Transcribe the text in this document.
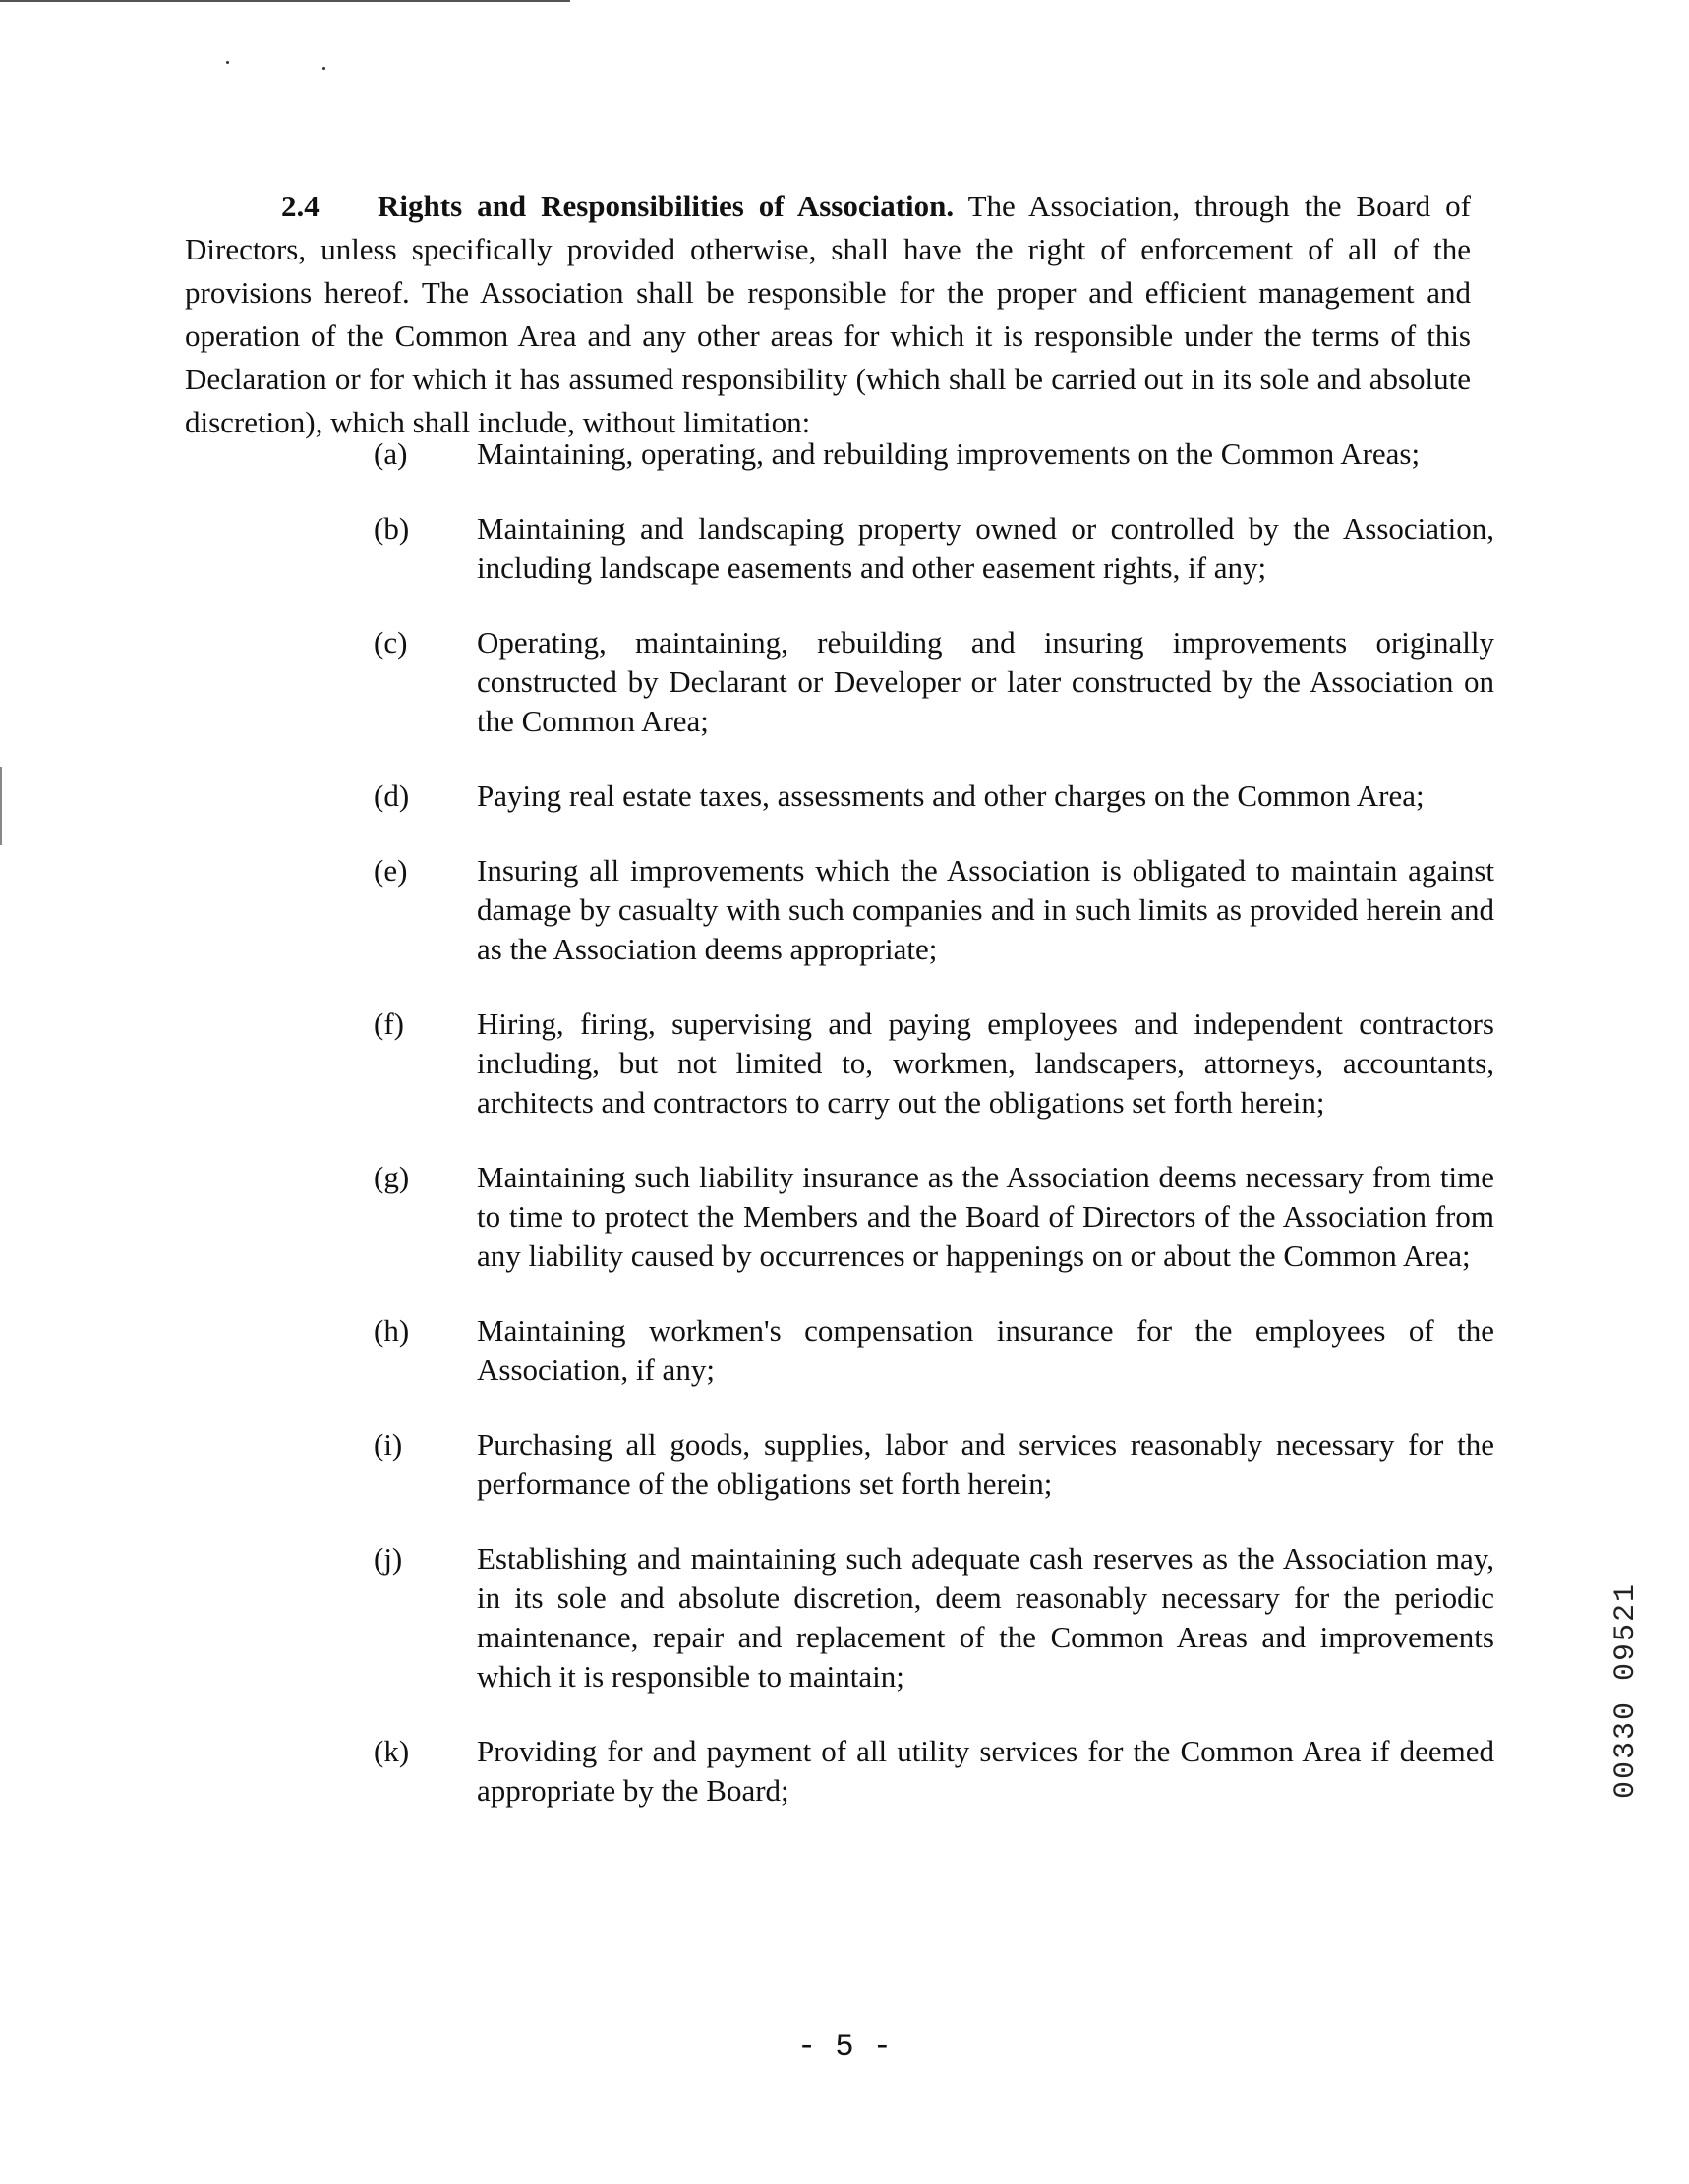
2.4 Rights and Responsibilities of Association. The Association, through the Board of Directors, unless specifically provided otherwise, shall have the right of enforcement of all of the provisions hereof. The Association shall be responsible for the proper and efficient management and operation of the Common Area and any other areas for which it is responsible under the terms of this Declaration or for which it has assumed responsibility (which shall be carried out in its sole and absolute discretion), which shall include, without limitation:
(a)	Maintaining, operating, and rebuilding improvements on the Common Areas;
(b)	Maintaining and landscaping property owned or controlled by the Association, including landscape easements and other easement rights, if any;
(c)	Operating, maintaining, rebuilding and insuring improvements originally constructed by Declarant or Developer or later constructed by the Association on the Common Area;
(d)	Paying real estate taxes, assessments and other charges on the Common Area;
(e)	Insuring all improvements which the Association is obligated to maintain against damage by casualty with such companies and in such limits as provided herein and as the Association deems appropriate;
(f)	Hiring, firing, supervising and paying employees and independent contractors including, but not limited to, workmen, landscapers, attorneys, accountants, architects and contractors to carry out the obligations set forth herein;
(g)	Maintaining such liability insurance as the Association deems necessary from time to time to protect the Members and the Board of Directors of the Association from any liability caused by occurrences or happenings on or about the Common Area;
(h)	Maintaining workmen's compensation insurance for the employees of the Association, if any;
(i)	Purchasing all goods, supplies, labor and services reasonably necessary for the performance of the obligations set forth herein;
(j)	Establishing and maintaining such adequate cash reserves as the Association may, in its sole and absolute discretion, deem reasonably necessary for the periodic maintenance, repair and replacement of the Common Areas and improvements which it is responsible to maintain;
(k)	Providing for and payment of all utility services for the Common Area if deemed appropriate by the Board;	00330 09521
- 5 -
